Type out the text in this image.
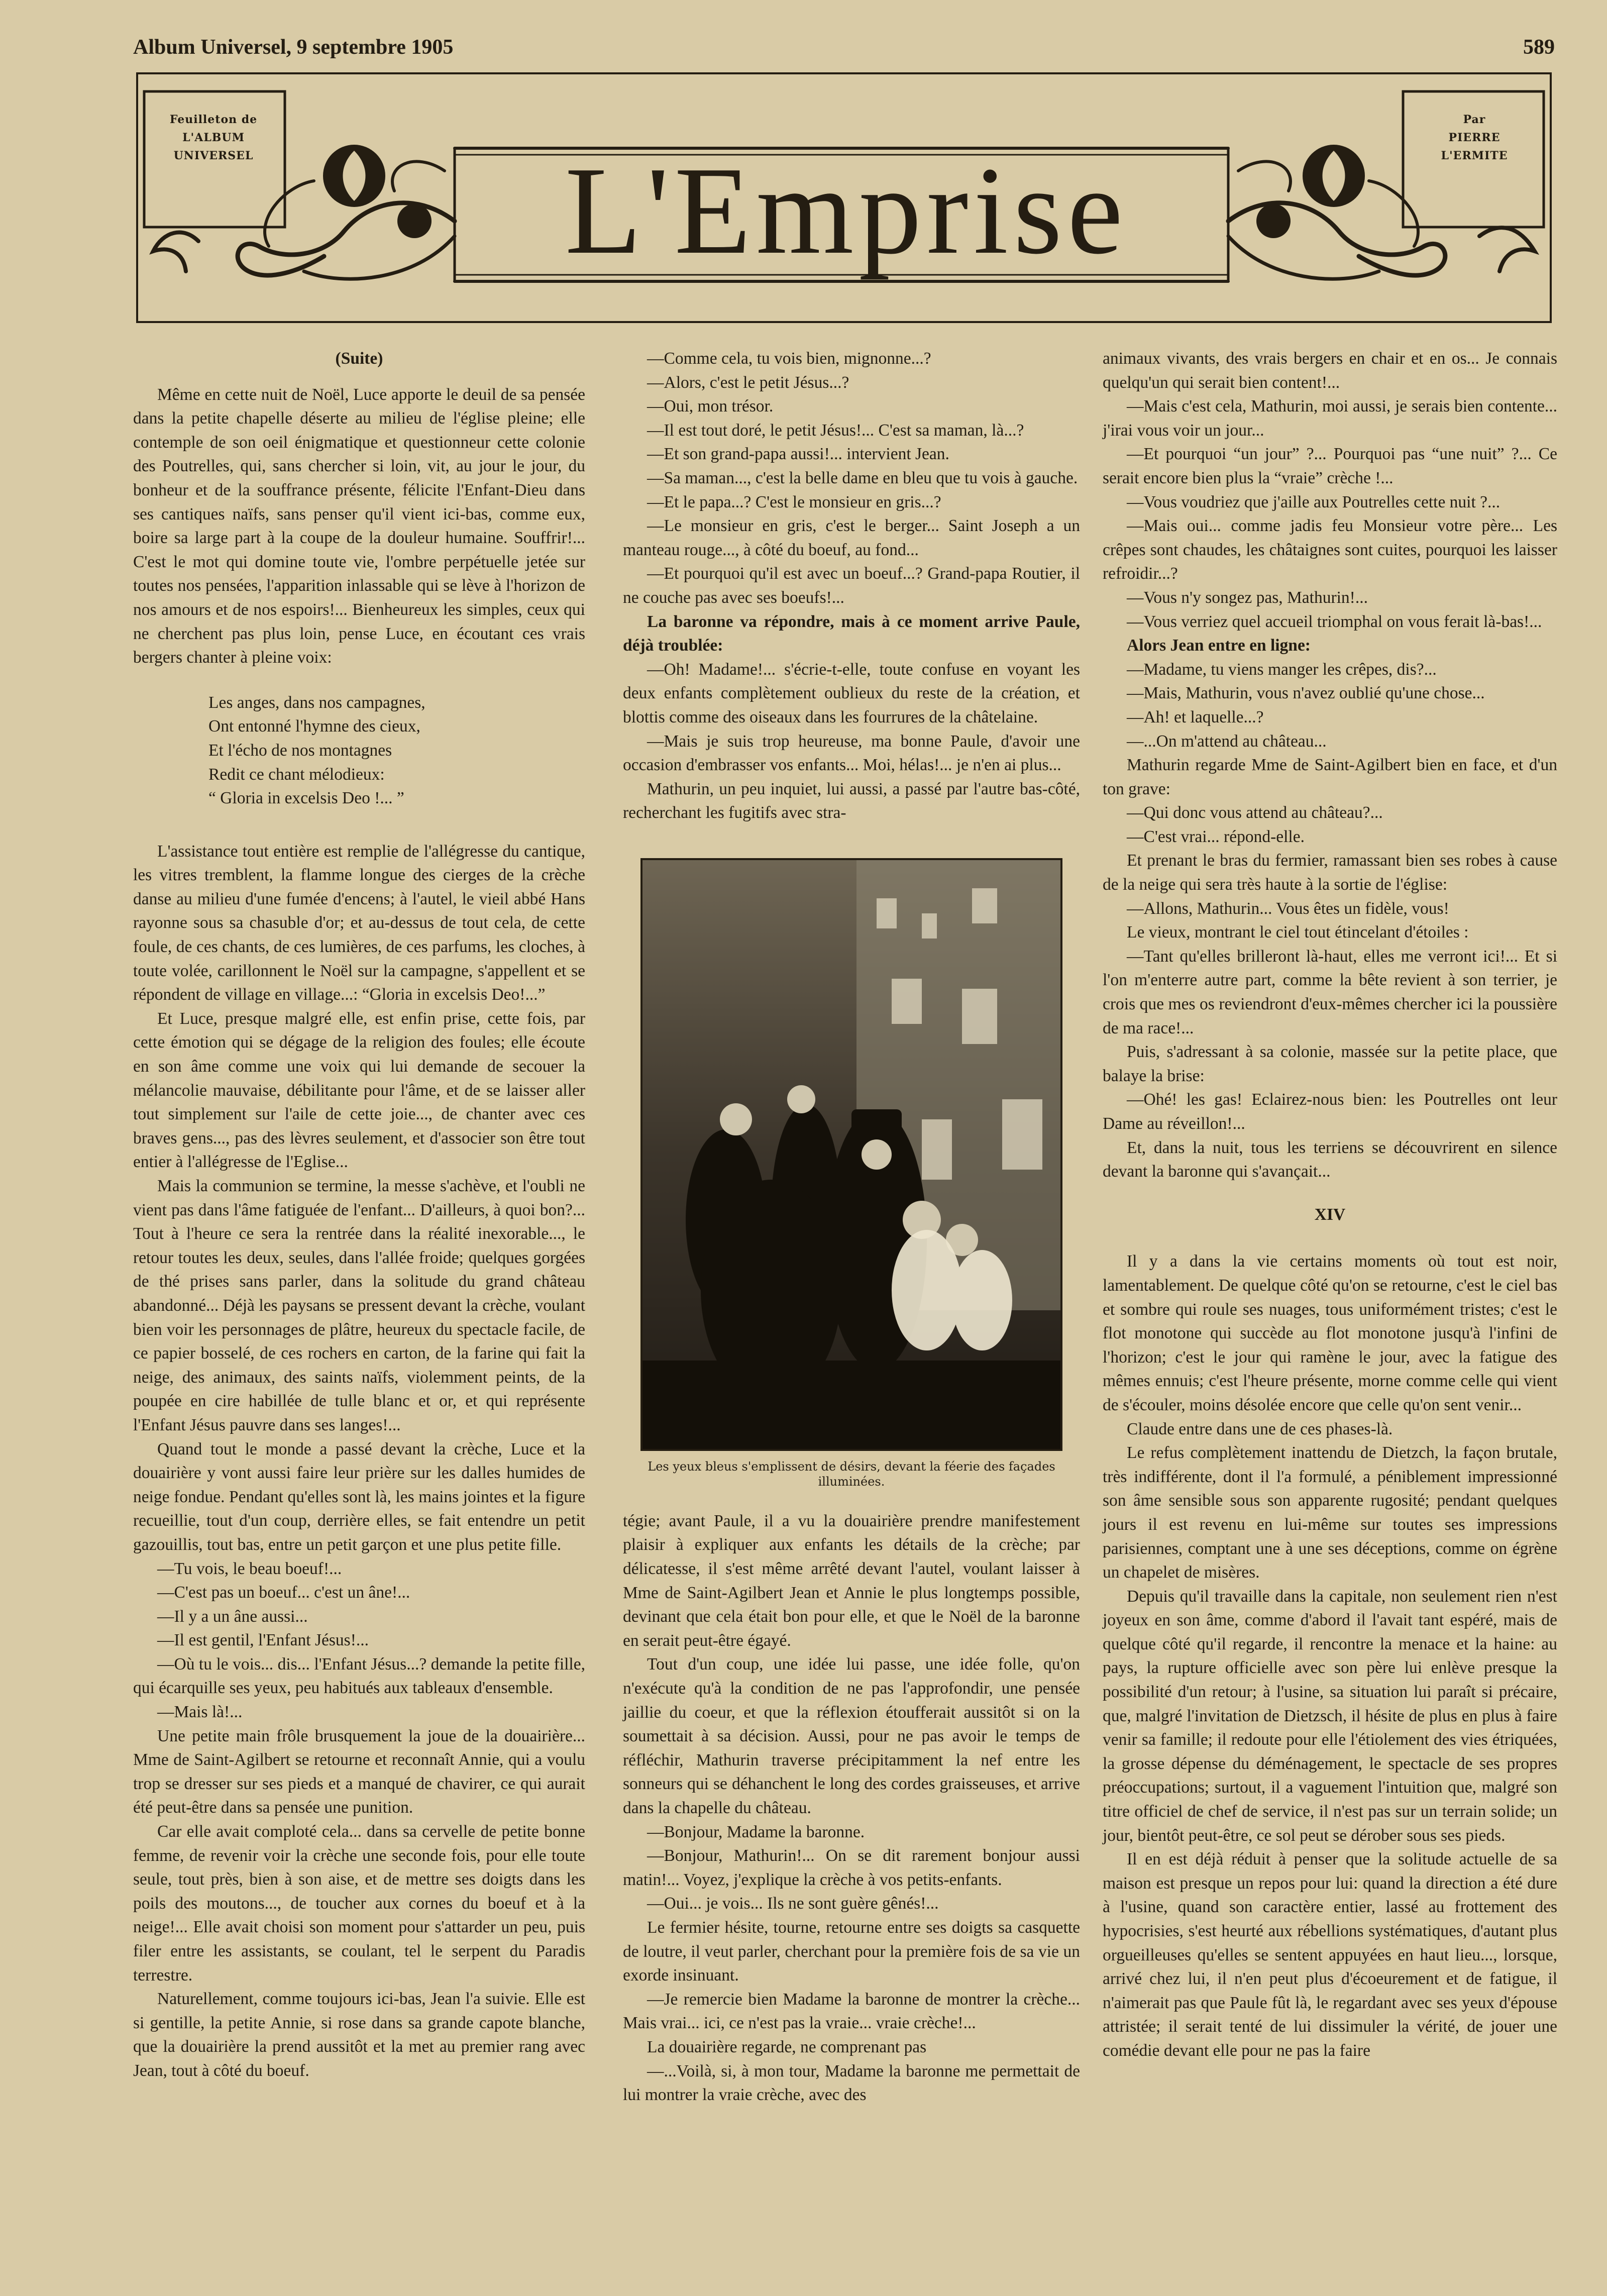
Album Universel, 9 septembre 1905	589
Feuilleton de
L'ALBUM
UNIVERSEL	L'Emprise
Par
PIERRE
L'ERMITE
(Suite)

Même en cette nuit de Noël, Luce apporte le deuil de sa pensée dans la petite chapelle déserte au milieu de l'église pleine; elle contemple de son oeil énigmatique et questionneur cette colonie des Poutrelles, qui, sans chercher si loin, vit, au jour le jour, du bonheur et de la souffrance présente, félicite l'Enfant-Dieu dans ses cantiques naïfs, sans penser qu'il vient ici-bas, comme eux, boire sa large part à la coupe de la douleur humaine. Souffrir!... C'est le mot qui domine toute vie, l'ombre perpétuelle jetée sur toutes nos pensées, l'apparition inlassable qui se lève à l'horizon de nos amours et de nos espoirs!... Bienheureux les simples, ceux qui ne cherchent pas plus loin, pense Luce, en écoutant ces vrais bergers chanter à pleine voix:

Les anges, dans nos campagnes,
Ont entonné l'hymne des cieux,
Et l'écho de nos montagnes
Redit ce chant mélodieux:
“ Gloria in excelsis Deo !... ”

L'assistance tout entière est remplie de l'allégresse du cantique, les vitres tremblent, la flamme longue des cierges de la crèche danse au milieu d'une fumée d'encens; à l'autel, le vieil abbé Hans rayonne sous sa chasuble d'or; et au-dessus de tout cela, de cette foule, de ces chants, de ces lumières, de ces parfums, les cloches, à toute volée, carillonnent le Noël sur la campagne, s'appellent et se répondent de village en village...: “Gloria in excelsis Deo!...”

Et Luce, presque malgré elle, est enfin prise, cette fois, par cette émotion qui se dégage de la religion des foules; elle écoute en son âme comme une voix qui lui demande de secouer la mélancolie mauvaise, débilitante pour l'âme, et de se laisser aller tout simplement sur l'aile de cette joie..., de chanter avec ces braves gens..., pas des lèvres seulement, et d'associer son être tout entier à l'allégresse de l'Eglise...

Mais la communion se termine, la messe s'achève, et l'oubli ne vient pas dans l'âme fatiguée de l'enfant... D'ailleurs, à quoi bon?... Tout à l'heure ce sera la rentrée dans la réalité inexorable..., le retour toutes les deux, seules, dans l'allée froide; quelques gorgées de thé prises sans parler, dans la solitude du grand château abandonné... Déjà les paysans se pressent devant la crèche, voulant bien voir les personnages de plâtre, heureux du spectacle facile, de ce papier bosselé, de ces rochers en carton, de la farine qui fait la neige, des animaux, des saints naïfs, violemment peints, de la poupée en cire habillée de tulle blanc et or, et qui représente l'Enfant Jésus pauvre dans ses langes!...

Quand tout le monde a passé devant la crèche, Luce et la douairière y vont aussi faire leur prière sur les dalles humides de neige fondue. Pendant qu'elles sont là, les mains jointes et la figure recueillie, tout d'un coup, derrière elles, se fait entendre un petit gazouillis, tout bas, entre un petit garçon et une plus petite fille.

—Tu vois, le beau boeuf!...

—C'est pas un boeuf... c'est un âne!...

—Il y a un âne aussi...

—Il est gentil, l'Enfant Jésus!...

—Où tu le vois... dis... l'Enfant Jésus...? demande la petite fille, qui écarquille ses yeux, peu habitués aux tableaux d'ensemble.

—Mais là!...

Une petite main frôle brusquement la joue de la douairière... Mme de Saint-Agilbert se retourne et reconnaît Annie, qui a voulu trop se dresser sur ses pieds et a manqué de chavirer, ce qui aurait été peut-être dans sa pensée une punition.

Car elle avait comploté cela... dans sa cervelle de petite bonne femme, de revenir voir la crèche une seconde fois, pour elle toute seule, tout près, bien à son aise, et de mettre ses doigts dans les poils des moutons..., de toucher aux cornes du boeuf et à la neige!... Elle avait choisi son moment pour s'attarder un peu, puis filer entre les assistants, se coulant, tel le serpent du Paradis terrestre.

Naturellement, comme toujours ici-bas, Jean l'a suivie. Elle est si gentille, la petite Annie, si rose dans sa grande capote blanche, que la douairière la prend aussitôt et la met au premier rang avec Jean, tout à côté du boeuf.

—Comme cela, tu vois bien, mignonne...?

—Alors, c'est le petit Jésus...?

—Oui, mon trésor.

—Il est tout doré, le petit Jésus!... C'est sa maman, là...?

—Et son grand-papa aussi!... intervient Jean.

—Sa maman..., c'est la belle dame en bleu que tu vois à gauche.

—Et le papa...? C'est le monsieur en gris...?

—Le monsieur en gris, c'est le berger... Saint Joseph a un manteau rouge..., à côté du boeuf, au fond...

—Et pourquoi qu'il est avec un boeuf...? Grand-papa Routier, il ne couche pas avec ses boeufs!...

La baronne va répondre, mais à ce moment arrive Paule, déjà troublée:

—Oh! Madame!... s'écrie-t-elle, toute confuse en voyant les deux enfants complètement oublieux du reste de la création, et blottis comme des oiseaux dans les fourrures de la châtelaine.

—Mais je suis trop heureuse, ma bonne Paule, d'avoir une occasion d'embrasser vos enfants... Moi, hélas!... je n'en ai plus...

Mathurin, un peu inquiet, lui aussi, a passé par l'autre bas-côté, recherchant les fugitifs avec stra-

Les yeux bleus s'emplissent de désirs, devant la féerie des façades illuminées.

tégie; avant Paule, il a vu la douairière prendre manifestement plaisir à expliquer aux enfants les détails de la crèche; par délicatesse, il s'est même arrêté devant l'autel, voulant laisser à Mme de Saint-Agilbert Jean et Annie le plus longtemps possible, devinant que cela était bon pour elle, et que le Noël de la baronne en serait peut-être égayé.

Tout d'un coup, une idée lui passe, une idée folle, qu'on n'exécute qu'à la condition de ne pas l'approfondir, une pensée jaillie du coeur, et que la réflexion étoufferait aussitôt si on la soumettait à sa décision. Aussi, pour ne pas avoir le temps de réfléchir, Mathurin traverse précipitamment la nef entre les sonneurs qui se déhanchent le long des cordes graisseuses, et arrive dans la chapelle du château.

—Bonjour, Madame la baronne.

—Bonjour, Mathurin!... On se dit rarement bonjour aussi matin!... Voyez, j'explique la crèche à vos petits-enfants.

—Oui... je vois... Ils ne sont guère gênés!...

Le fermier hésite, tourne, retourne entre ses doigts sa casquette de loutre, il veut parler, cherchant pour la première fois de sa vie un exorde insinuant.

—Je remercie bien Madame la baronne de montrer la crèche... Mais vrai... ici, ce n'est pas la vraie... vraie crèche!...

La douairière regarde, ne comprenant pas

—...Voilà, si, à mon tour, Madame la baronne me permettait de lui montrer la vraie crèche, avec des

animaux vivants, des vrais bergers en chair et en os... Je connais quelqu'un qui serait bien content!...

—Mais c'est cela, Mathurin, moi aussi, je serais bien contente... j'irai vous voir un jour...

—Et pourquoi “un jour” ?... Pourquoi pas “une nuit” ?... Ce serait encore bien plus la “vraie” crèche !...

—Vous voudriez que j'aille aux Poutrelles cette nuit ?...

—Mais oui... comme jadis feu Monsieur votre père... Les crêpes sont chaudes, les châtaignes sont cuites, pourquoi les laisser refroidir...?

—Vous n'y songez pas, Mathurin!...

—Vous verriez quel accueil triomphal on vous ferait là-bas!...

Alors Jean entre en ligne:

—Madame, tu viens manger les crêpes, dis?...

—Mais, Mathurin, vous n'avez oublié qu'une chose...

—Ah! et laquelle...?

—...On m'attend au château...

Mathurin regarde Mme de Saint-Agilbert bien en face, et d'un ton grave:

—Qui donc vous attend au château?...

—C'est vrai... répond-elle.

Et prenant le bras du fermier, ramassant bien ses robes à cause de la neige qui sera très haute à la sortie de l'église:

—Allons, Mathurin... Vous êtes un fidèle, vous!

Le vieux, montrant le ciel tout étincelant d'étoiles :

—Tant qu'elles brilleront là-haut, elles me verront ici!... Et si l'on m'enterre autre part, comme la bête revient à son terrier, je crois que mes os reviendront d'eux-mêmes chercher ici la poussière de ma race!...

Puis, s'adressant à sa colonie, massée sur la petite place, que balaye la brise:

—Ohé! les gas! Eclairez-nous bien: les Poutrelles ont leur Dame au réveillon!...

Et, dans la nuit, tous les terriens se découvrirent en silence devant la baronne qui s'avançait...

XIV

Il y a dans la vie certains moments où tout est noir, lamentablement. De quelque côté qu'on se retourne, c'est le ciel bas et sombre qui roule ses nuages, tous uniformément tristes; c'est le flot monotone qui succède au flot monotone jusqu'à l'infini de l'horizon; c'est le jour qui ramène le jour, avec la fatigue des mêmes ennuis; c'est l'heure présente, morne comme celle qui vient de s'écouler, moins désolée encore que celle qu'on sent venir...

Claude entre dans une de ces phases-là.

Le refus complètement inattendu de Dietzch, la façon brutale, très indifférente, dont il l'a formulé, a péniblement impressionné son âme sensible sous son apparente rugosité; pendant quelques jours il est revenu en lui-même sur toutes ses impressions parisiennes, comptant une à une ses déceptions, comme on égrène un chapelet de misères.

Depuis qu'il travaille dans la capitale, non seulement rien n'est joyeux en son âme, comme d'abord il l'avait tant espéré, mais de quelque côté qu'il regarde, il rencontre la menace et la haine: au pays, la rupture officielle avec son père lui enlève presque la possibilité d'un retour; à l'usine, sa situation lui paraît si précaire, que, malgré l'invitation de Dietzsch, il hésite de plus en plus à faire venir sa famille; il redoute pour elle l'étiolement des vies étriquées, la grosse dépense du déménagement, le spectacle de ses propres préoccupations; surtout, il a vaguement l'intuition que, malgré son titre officiel de chef de service, il n'est pas sur un terrain solide; un jour, bientôt peut-être, ce sol peut se dérober sous ses pieds.

Il en est déjà réduit à penser que la solitude actuelle de sa maison est presque un repos pour lui: quand la direction a été dure à l'usine, quand son caractère entier, lassé au frottement des hypocrisies, s'est heurté aux rébellions systématiques, d'autant plus orgueilleuses qu'elles se sentent appuyées en haut lieu..., lorsque, arrivé chez lui, il n'en peut plus d'écoeurement et de fatigue, il n'aimerait pas que Paule fût là, le regardant avec ses yeux d'épouse attristée; il serait tenté de lui dissimuler la vérité, de jouer une comédie devant elle pour ne pas la faire
